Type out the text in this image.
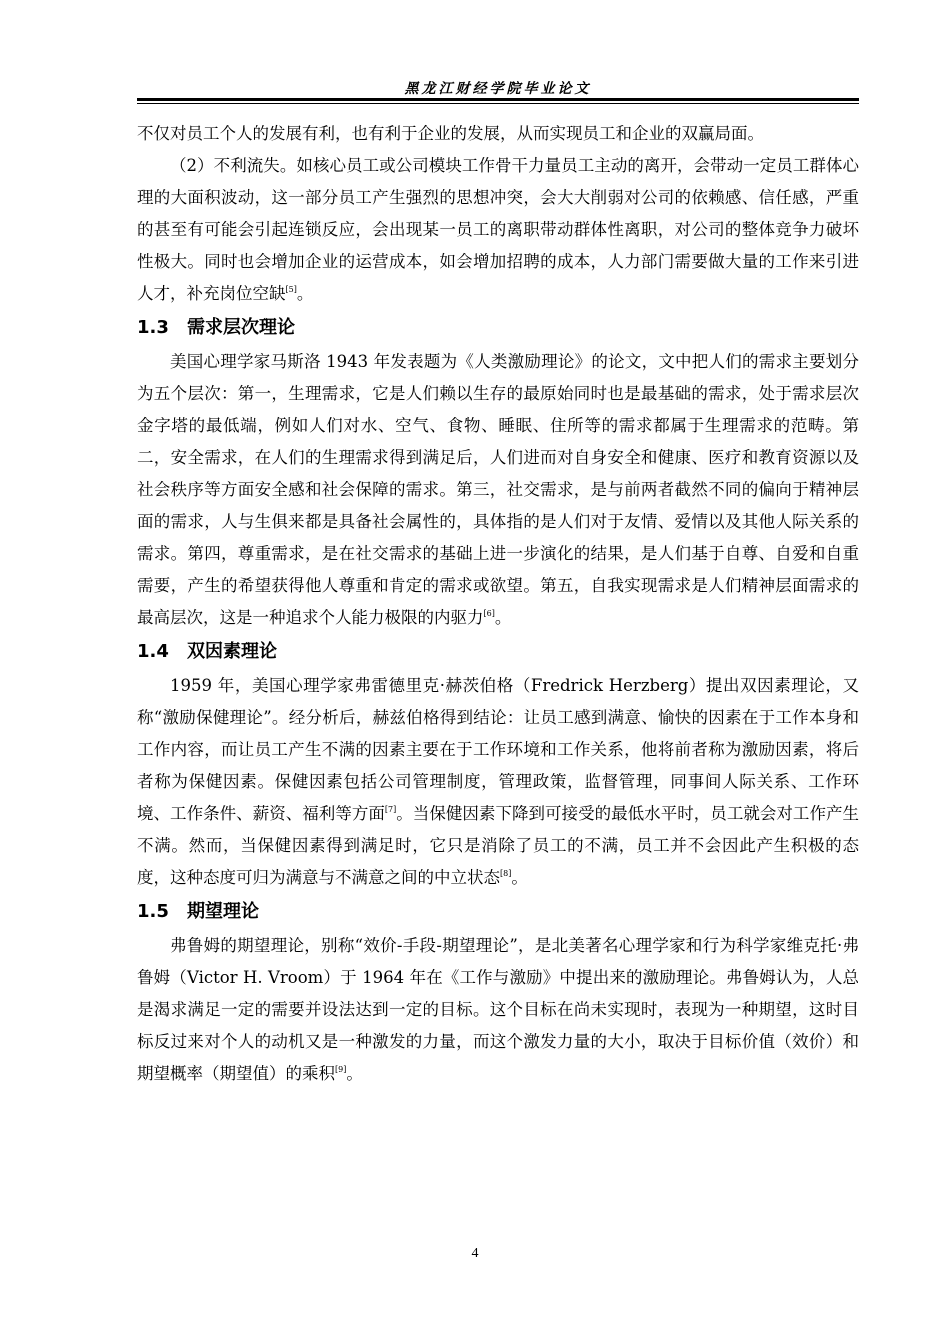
黑龙江财经学院毕业论文

不仅对员工个人的发展有利，也有利于企业的发展，从而实现员工和企业的双赢局面。

（2）不利流失。如核心员工或公司模块工作骨干力量员工主动的离开，会带动一定员工群体心理的大面积波动，这一部分员工产生强烈的思想冲突，会大大削弱对公司的依赖感、信任感，严重的甚至有可能会引起连锁反应，会出现某一员工的离职带动群体性离职，对公司的整体竞争力破坏性极大。同时也会增加企业的运营成本，如会增加招聘的成本，人力部门需要做大量的工作来引进人才，补充岗位空缺[5]。

1.3 需求层次理论

美国心理学家马斯洛 1943 年发表题为《人类激励理论》的论文，文中把人们的需求主要划分为五个层次：第一，生理需求，它是人们赖以生存的最原始同时也是最基础的需求，处于需求层次金字塔的最低端，例如人们对水、空气、食物、睡眠、住所等的需求都属于生理需求的范畴。第二，安全需求，在人们的生理需求得到满足后，人们进而对自身安全和健康、医疗和教育资源以及社会秩序等方面安全感和社会保障的需求。第三，社交需求，是与前两者截然不同的偏向于精神层面的需求，人与生俱来都是具备社会属性的，具体指的是人们对于友情、爱情以及其他人际关系的需求。第四，尊重需求，是在社交需求的基础上进一步演化的结果，是人们基于自尊、自爱和自重需要，产生的希望获得他人尊重和肯定的需求或欲望。第五，自我实现需求是人们精神层面需求的最高层次，这是一种追求个人能力极限的内驱力[6]。

1.4 双因素理论

1959 年，美国心理学家弗雷德里克·赫茨伯格（Fredrick Herzberg）提出双因素理论，又称“激励保健理论”。经分析后，赫兹伯格得到结论：让员工感到满意、愉快的因素在于工作本身和工作内容，而让员工产生不满的因素主要在于工作环境和工作关系，他将前者称为激励因素，将后者称为保健因素。保健因素包括公司管理制度，管理政策，监督管理，同事间人际关系、工作环境、工作条件、薪资、福利等方面[7]。当保健因素下降到可接受的最低水平时，员工就会对工作产生不满。然而，当保健因素得到满足时，它只是消除了员工的不满，员工并不会因此产生积极的态度，这种态度可归为满意与不满意之间的中立状态[8]。

1.5 期望理论

弗鲁姆的期望理论，别称“效价-手段-期望理论”，是北美著名心理学家和行为科学家维克托·弗鲁姆（Victor H. Vroom）于 1964 年在《工作与激励》中提出来的激励理论。弗鲁姆认为，人总是渴求满足一定的需要并设法达到一定的目标。这个目标在尚未实现时，表现为一种期望，这时目标反过来对个人的动机又是一种激发的力量，而这个激发力量的大小，取决于目标价值（效价）和期望概率（期望值）的乘积[9]。

4
